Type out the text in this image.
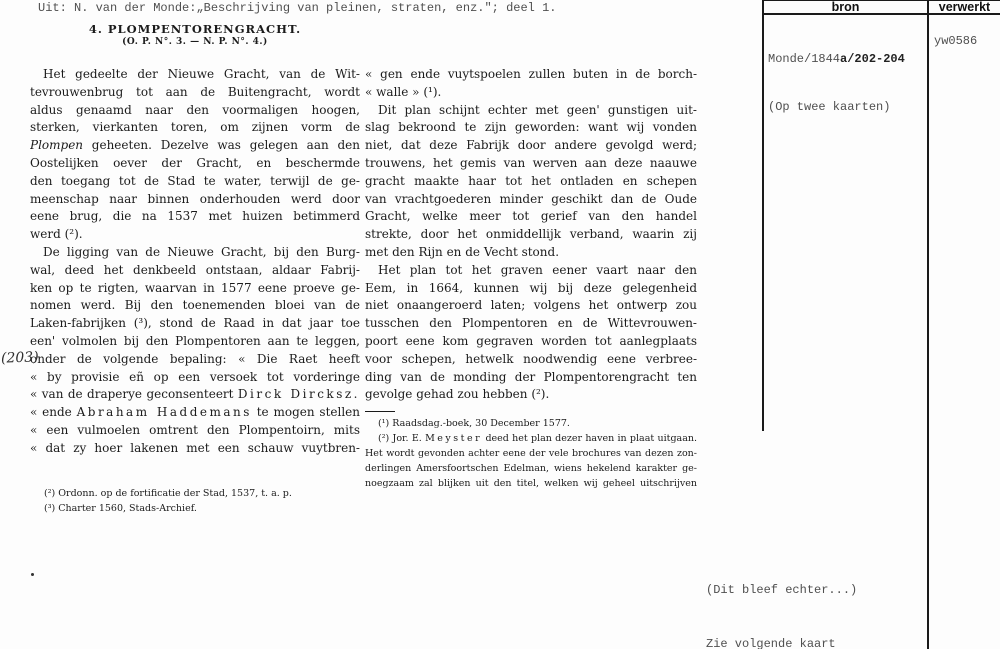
Uit: N. van der Monde:„Beschrijving van pleinen, straten, enz."; deel 1.
4. PLOMPENTORENGRACHT.
(O. P. N°. 3. — N. P. N°. 4.)
Het gedeelte der Nieuwe Gracht, van de Wit-
tevrouwenbrug tot aan de Buitengracht, wordt
aldus genaamd naar den voormaligen hoogen,
sterken, vierkanten toren, om zijnen vorm de
Plompen geheeten. Dezelve was gelegen aan den
Oostelijken oever der Gracht, en beschermde
den toegang tot de Stad te water, terwijl de ge-
meenschap naar binnen onderhouden werd door
eene brug, die na 1537 met huizen betimmerd
werd (²).
De ligging van de Nieuwe Gracht, bij den Burg-
wal, deed het denkbeeld ontstaan, aldaar Fabrij-
ken op te rigten, waarvan in 1577 eene proeve ge-
nomen werd. Bij den toenemenden bloei van de
Laken-fabrijken (³), stond de Raad in dat jaar toe
een' volmolen bij den Plompentoren aan te leggen,
onder de volgende bepaling: « Die Raet heeft
« by provisie eñ op een versoek tot vorderinge
« van de draperye geconsenteert Dirck Dircksz.
« ende Abraham Haddemans te mogen stellen
« een vulmoelen omtrent den Plompentoirn, mits
« dat zy hoer lakenen met een schauw vuytbren-
« gen ende vuytspoelen zullen buten in de borch-
« walle » (¹).
Dit plan schijnt echter met geen' gunstigen uit-
slag bekroond te zijn geworden: want wij vonden
niet, dat deze Fabrijk door andere gevolgd werd;
trouwens, het gemis van werven aan deze naauwe
gracht maakte haar tot het ontladen en schepen
van vrachtgoederen minder geschikt dan de Oude
Gracht, welke meer tot gerief van den handel
strekte, door het onmiddellijk verband, waarin zij
met den Rijn en de Vecht stond.
Het plan tot het graven eener vaart naar den
Eem, in 1664, kunnen wij bij deze gelegenheid
niet onaangeroerd laten; volgens het ontwerp zou
tusschen den Plompentoren en de Wittevrouwen-
poort eene kom gegraven worden tot aanlegplaats
voor schepen, hetwelk noodwendig eene verbree-
ding van de monding der Plompentorengracht ten
gevolge gehad zou hebben (²).
(²) Ordonn. op de fortificatie der Stad, 1537, t. a. p.
(³) Charter 1560, Stads-Archief.
(¹) Raadsdag.-boek, 30 December 1577.
(²) Jor. E. Meyster deed het plan dezer haven in plaat uitgaan.
Het wordt gevonden achter eene der vele brochures van dezen zon-
derlingen Amersfoortschen Edelman, wiens hekelend karakter ge-
noegzaam zal blijken uit den titel, welken wij geheel uitschrijven
(203)
bron	verwerkt

Monde/1844a/202-204

(Op twee kaarten)

yw0586

(Dit bleef echter...)

Zie volgende kaart
